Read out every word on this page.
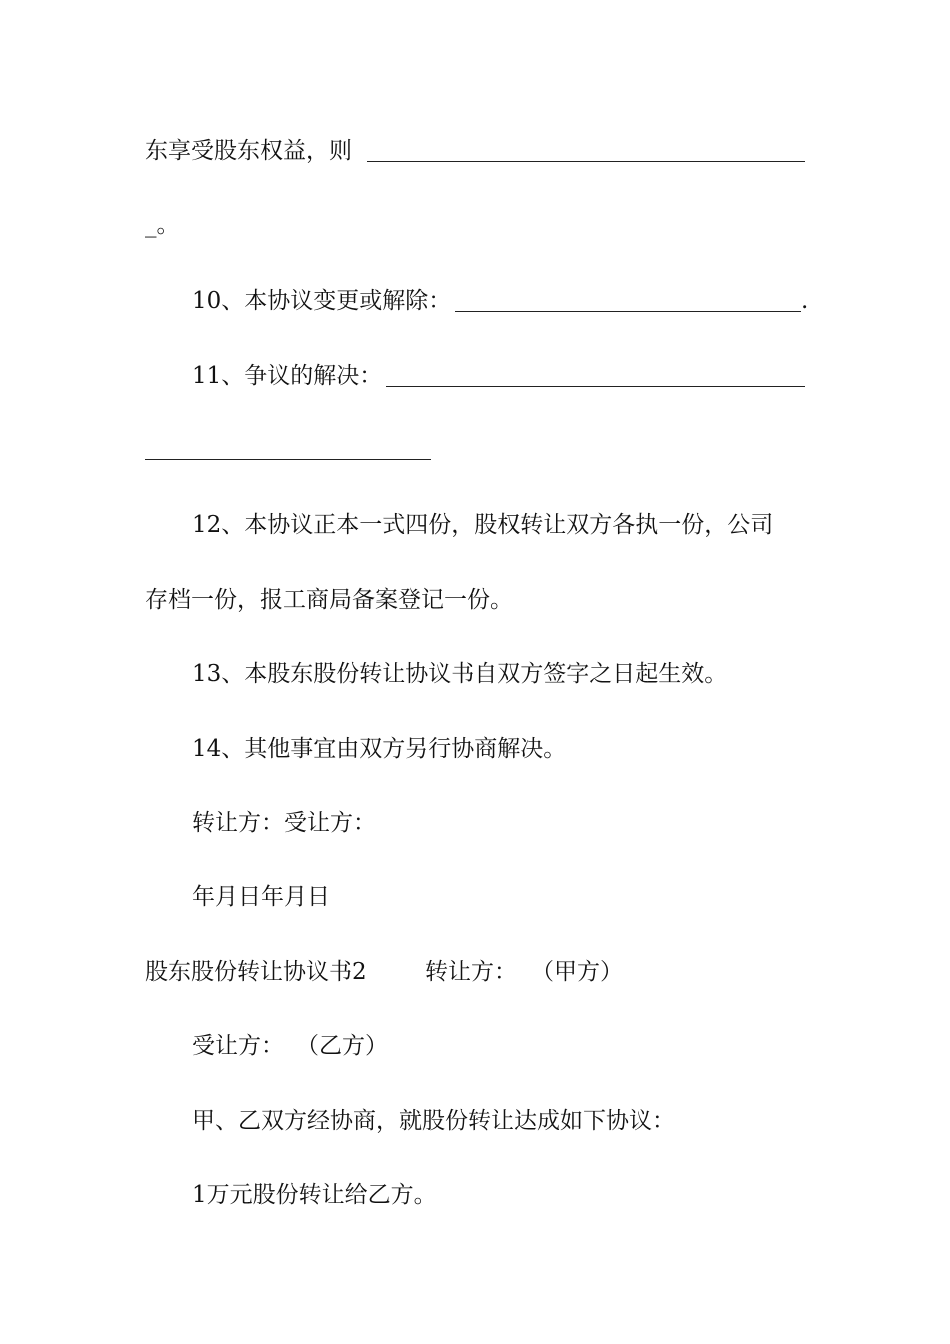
东享受股东权益，则
_。
10、本协议变更或解除：	.
11、争议的解决：
12、本协议正本一式四份，股权转让双方各执一份，公司
存档一份，报工商局备案登记一份。
13、本股东股份转让协议书自双方签字之日起生效。
14、其他事宜由双方另行协商解决。
转让方：受让方：
年月日年月日
股东股份转让协议书2	转让方： （甲方）
受让方： （乙方）
甲、乙双方经协商，就股份转让达成如下协议：
1万元股份转让给乙方。
